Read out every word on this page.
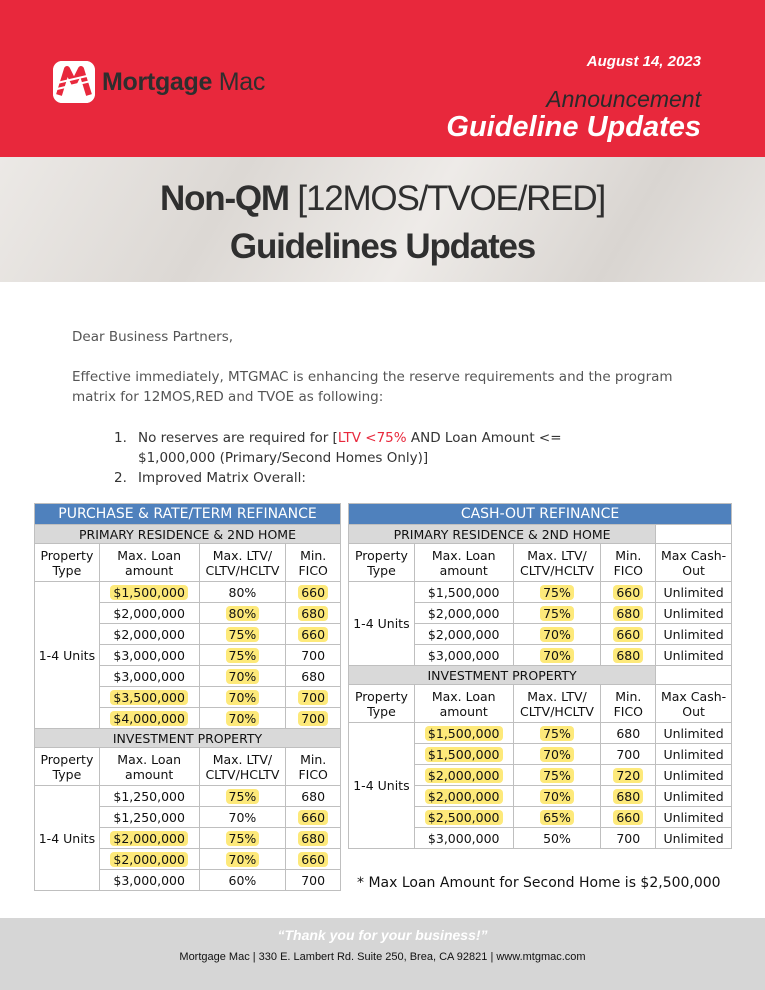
Mortgage Mac
August 14, 2023
Announcement
Guideline Updates
Non-QM [12MOS/TVOE/RED]
Guidelines Updates
Dear Business Partners,
Effective immediately, MTGMAC is enhancing the reserve requirements and the program matrix for 12MOS,RED and TVOE as following:
1. No reserves are required for [LTV <75% AND Loan Amount <= $1,000,000 (Primary/Second Homes Only)]
2. Improved Matrix Overall:
PURCHASE & RATE/TERM REFINANCE			
PRIMARY RESIDENCE & 2ND HOME			
Property Type	Max. Loan amount	Max. LTV/ CLTV/HCLTV	Min. FICO
1-4 Units	$1,500,000	80%	660
	$2,000,000	80%	680
	$2,000,000	75%	660
	$3,000,000	75%	700
	$3,000,000	70%	680
	$3,500,000	70%	700
	$4,000,000	70%	700
INVESTMENT PROPERTY			
Property Type	Max. Loan amount	Max. LTV/ CLTV/HCLTV	Min. FICO
1-4 Units	$1,250,000	75%	680
	$1,250,000	70%	660
	$2,000,000	75%	680
	$2,000,000	70%	660
	$3,000,000	60%	700
CASH-OUT REFINANCE				
PRIMARY RESIDENCE & 2ND HOME				
Property Type	Max. Loan amount	Max. LTV/ CLTV/HCLTV	Min. FICO	Max Cash-Out
1-4 Units	$1,500,000	75%	660	Unlimited
	$2,000,000	75%	680	Unlimited
	$2,000,000	70%	660	Unlimited
	$3,000,000	70%	680	Unlimited
INVESTMENT PROPERTY				
Property Type	Max. Loan amount	Max. LTV/ CLTV/HCLTV	Min. FICO	Max Cash-Out
1-4 Units	$1,500,000	75%	680	Unlimited
	$1,500,000	70%	700	Unlimited
	$2,000,000	75%	720	Unlimited
	$2,000,000	70%	680	Unlimited
	$2,500,000	65%	660	Unlimited
	$3,000,000	50%	700	Unlimited
* Max Loan Amount for Second Home is $2,500,000
“Thank you for your business!”
Mortgage Mac | 330 E. Lambert Rd. Suite 250, Brea, CA 92821 | www.mtgmac.com
